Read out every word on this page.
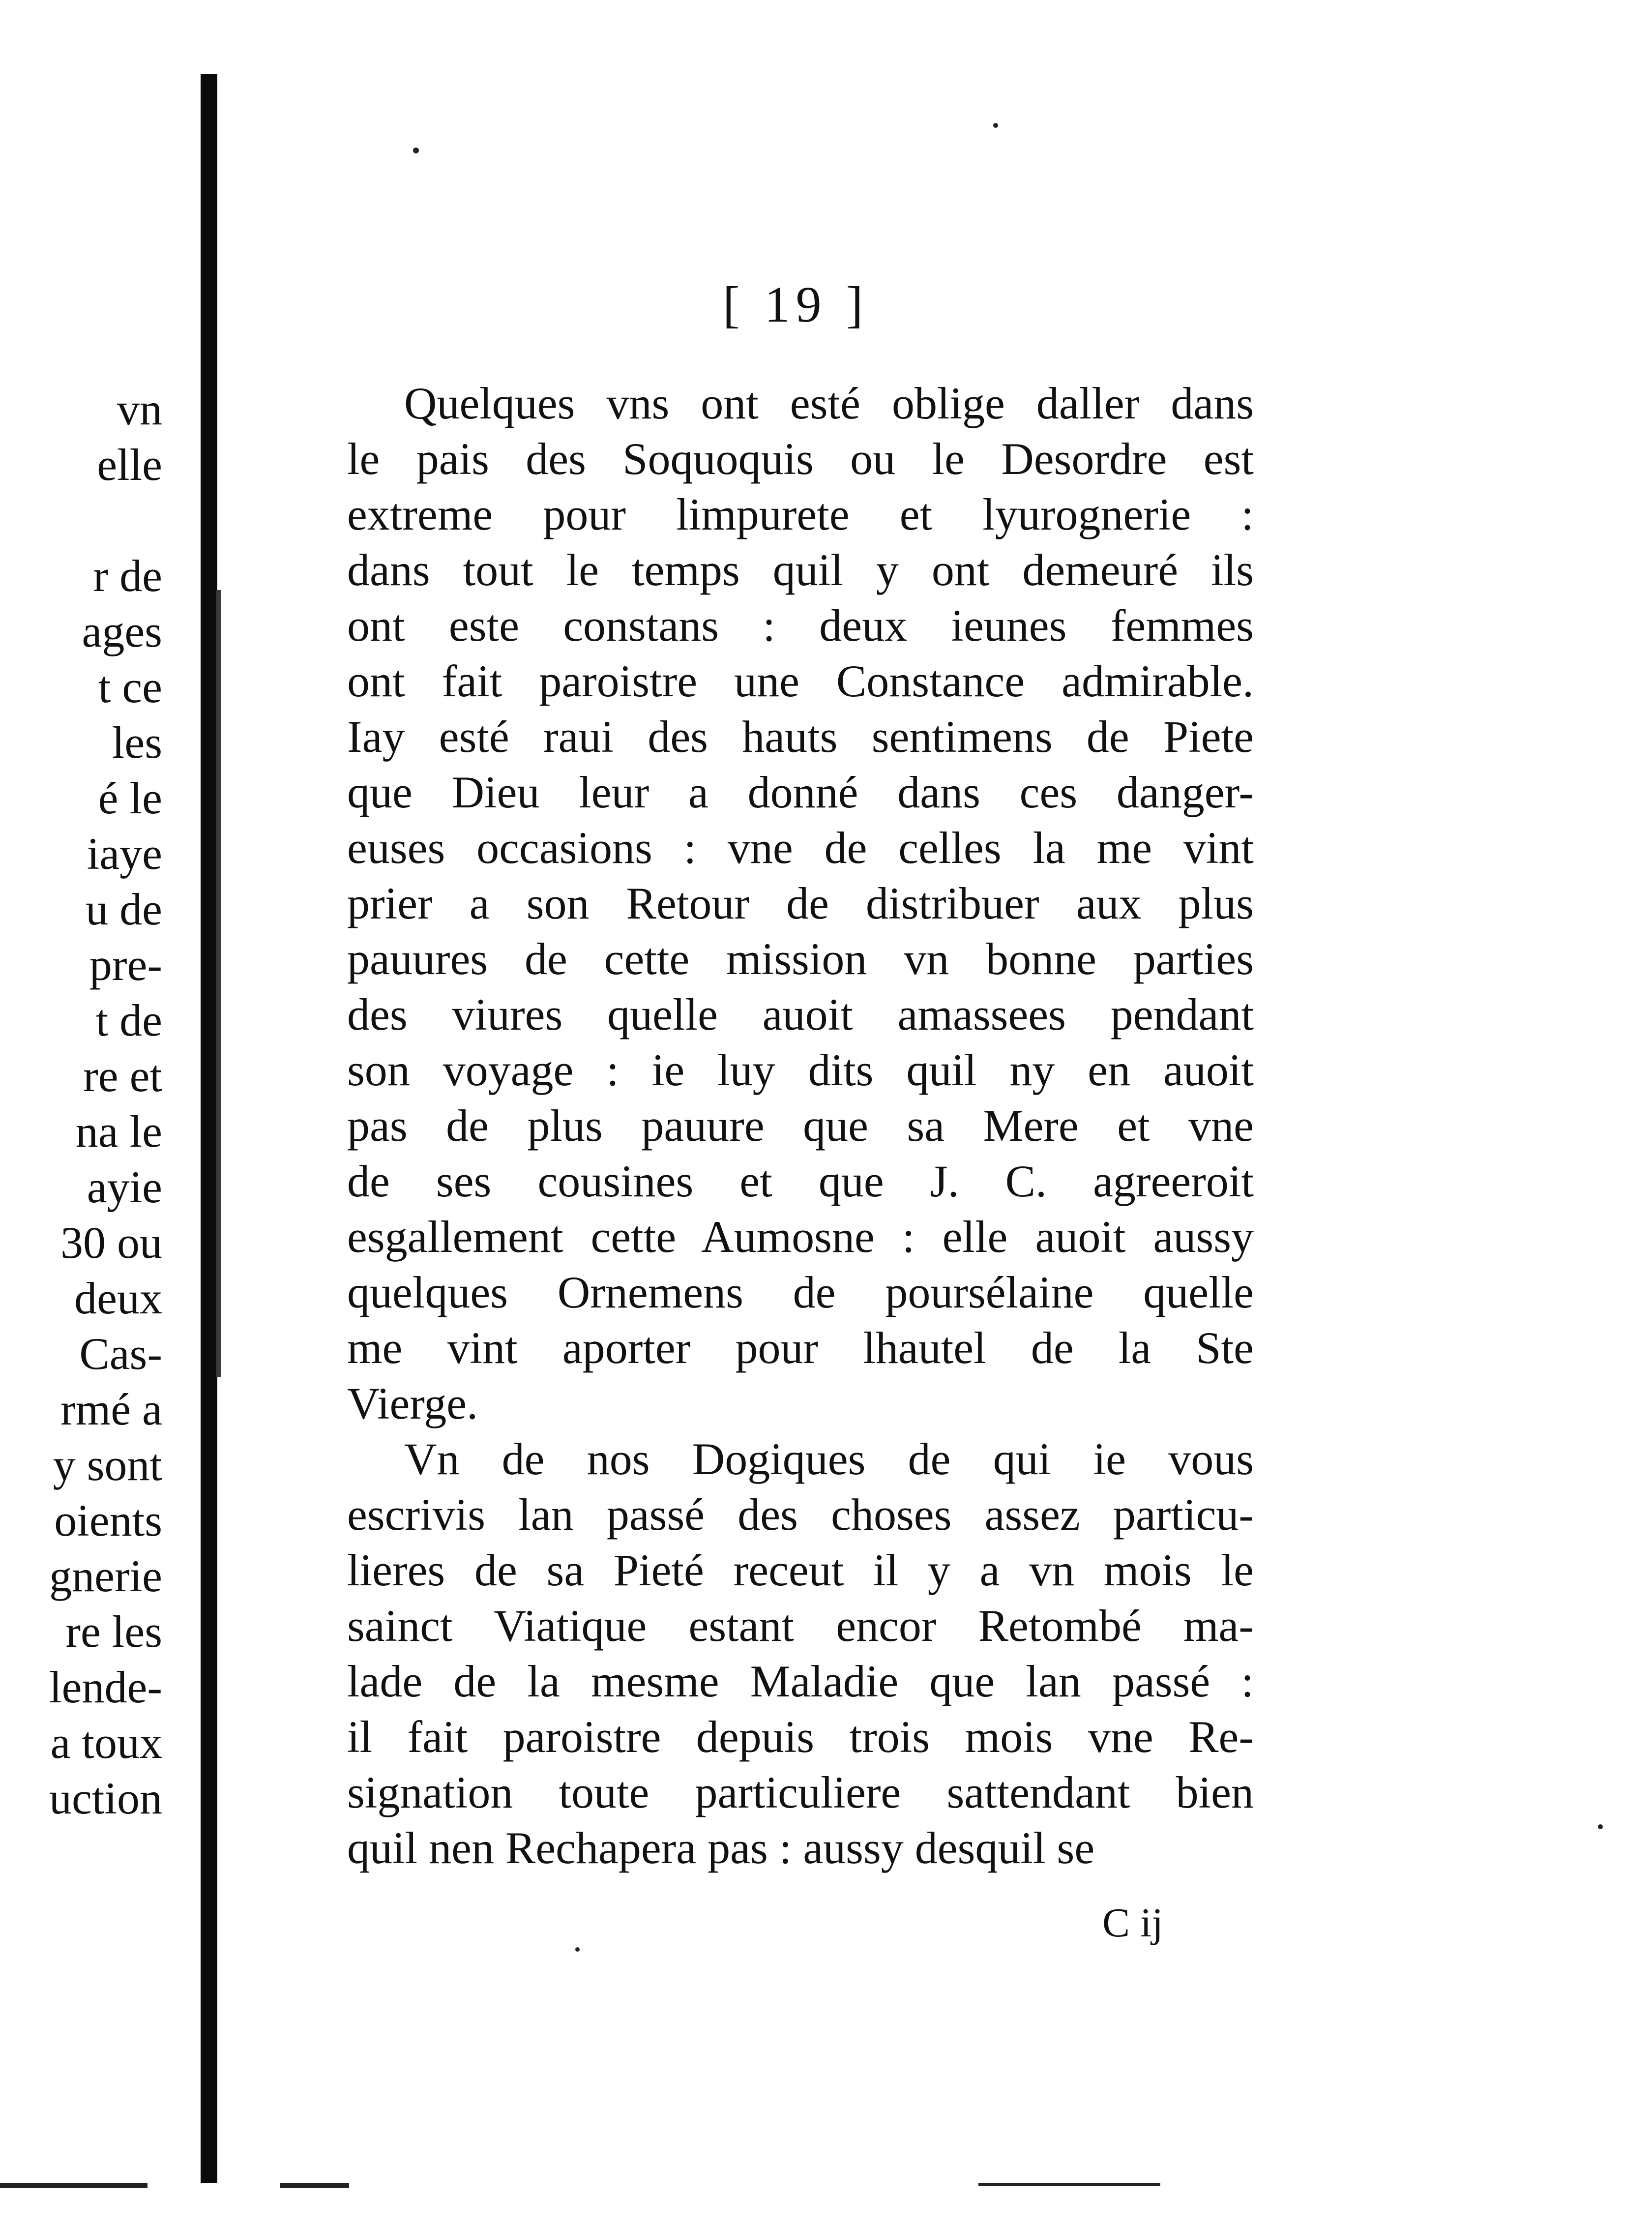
vn
elle
r de
ages
t ce
les
é le
iaye
u de
pre-
t de
re et
na le
ayie
30 ou
deux
Cas-
rmé a
y sont
oients
gnerie
re les
lende-
a toux
uction
[ 19 ]
Quelques vns ont esté oblige daller dans
le pais des Soquoquis ou le Desordre est
extreme pour limpurete et lyurognerie :
dans tout le temps quil y ont demeuré ils
ont este constans : deux ieunes femmes
ont fait paroistre une Constance admirable.
Iay esté raui des hauts sentimens de Piete
que Dieu leur a donné dans ces danger-
euses occasions : vne de celles la me vint
prier a son Retour de distribuer aux plus
pauures de cette mission vn bonne parties
des viures quelle auoit amassees pendant
son voyage : ie luy dits quil ny en auoit
pas de plus pauure que sa Mere et vne
de ses cousines et que J. C. agreeroit
esgallement cette Aumosne : elle auoit aussy
quelques Ornemens de poursélaine quelle
me vint aporter pour lhautel de la Ste
Vierge.
Vn de nos Dogiques de qui ie vous
escrivis lan passé des choses assez particu-
lieres de sa Pieté receut il y a vn mois le
sainct Viatique estant encor Retombé ma-
lade de la mesme Maladie que lan passé :
il fait paroistre depuis trois mois vne Re-
signation toute particuliere sattendant bien
quil nen Rechapera pas : aussy desquil se
C ij
